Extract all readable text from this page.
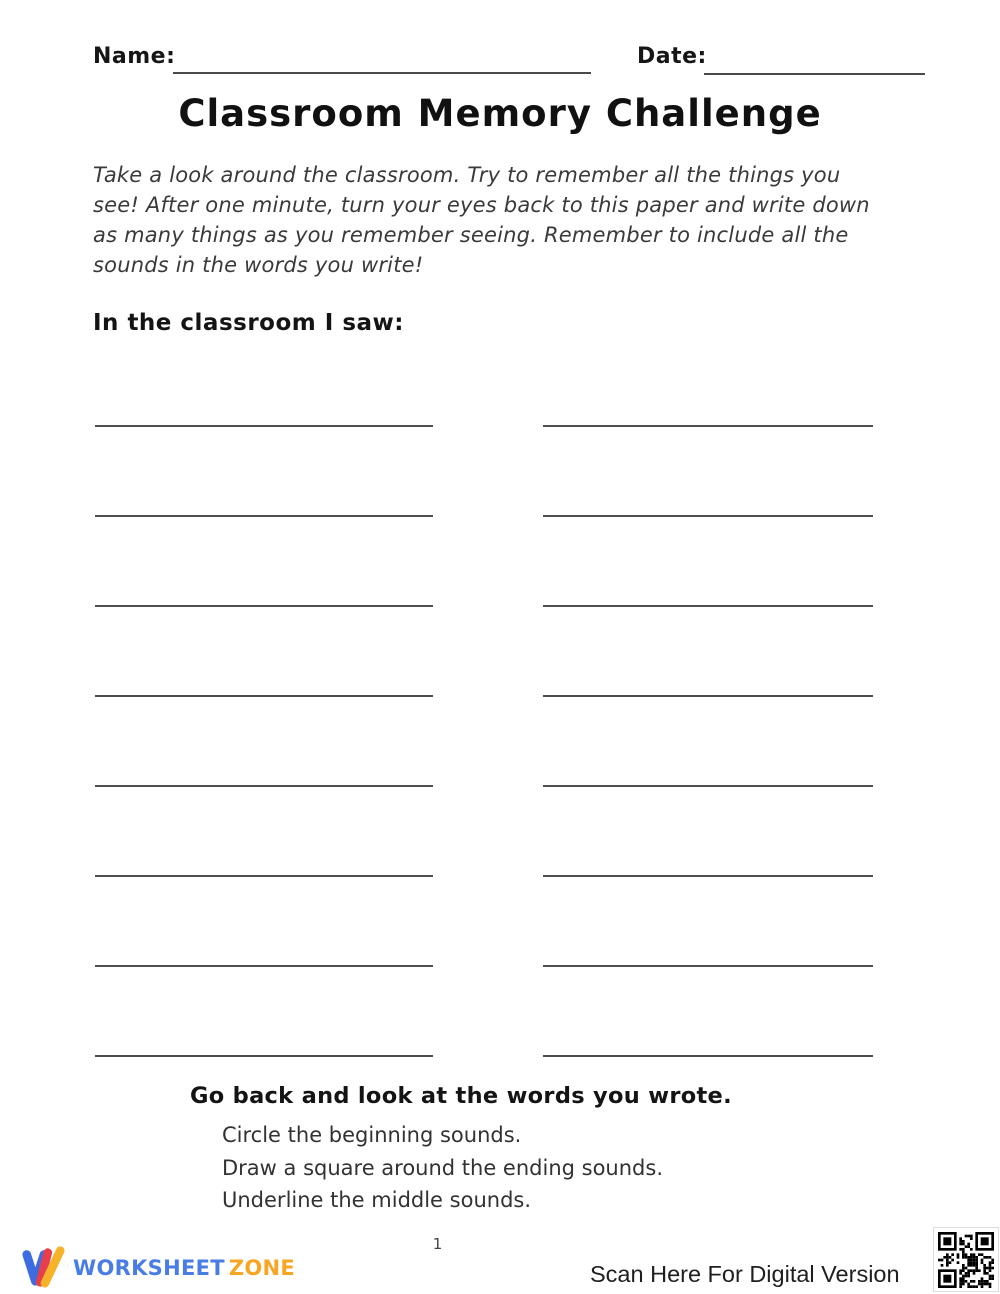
Name:	Date:
Classroom Memory Challenge
Take a look around the classroom. Try to remember all the things you see! After one minute, turn your eyes back to this paper and write down as many things as you remember seeing. Remember to include all the sounds in the words you write!
In the classroom I saw:
Go back and look at the words you wrote.
Circle the beginning sounds.
Draw a square around the ending sounds.
Underline the middle sounds.
1
WORKSHEET ZONE	Scan Here For Digital Version
